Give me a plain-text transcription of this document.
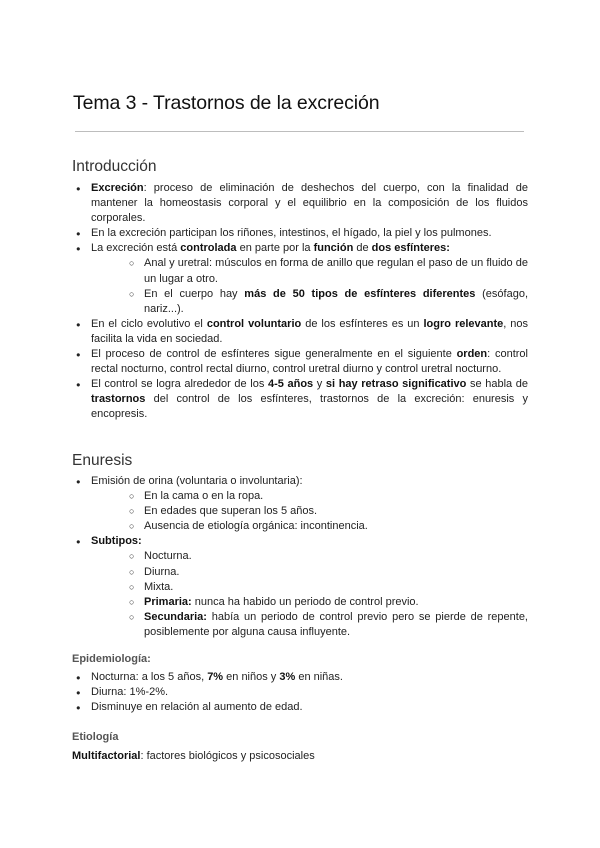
Tema 3 - Trastornos de la excreción
Introducción
● Excreción: proceso de eliminación de deshechos del cuerpo, con la finalidad de mantener la homeostasis corporal y el equilibrio en la composición de los fluidos corporales.
● En la excreción participan los riñones, intestinos, el hígado, la piel y los pulmones.
● La excreción está controlada en parte por la función de dos esfínteres:
○ Anal y uretral: músculos en forma de anillo que regulan el paso de un fluido de un lugar a otro.
○ En el cuerpo hay más de 50 tipos de esfínteres diferentes (esófago, nariz...).
● En el ciclo evolutivo el control voluntario de los esfínteres es un logro relevante, nos facilita la vida en sociedad.
● El proceso de control de esfínteres sigue generalmente en el siguiente orden: control rectal nocturno, control rectal diurno, control uretral diurno y control uretral nocturno.
● El control se logra alrededor de los 4-5 años y si hay retraso significativo se habla de trastornos del control de los esfínteres, trastornos de la excreción: enuresis y encopresis.
Enuresis
● Emisión de orina (voluntaria o involuntaria):
○ En la cama o en la ropa.
○ En edades que superan los 5 años.
○ Ausencia de etiología orgánica: incontinencia.
● Subtipos:
○ Nocturna.
○ Diurna.
○ Mixta.
○ Primaria: nunca ha habido un periodo de control previo.
○ Secundaria: había un periodo de control previo pero se pierde de repente, posiblemente por alguna causa influyente.
Epidemiología:
● Nocturna: a los 5 años, 7% en niños y 3% en niñas.
● Diurna: 1%-2%.
● Disminuye en relación al aumento de edad.
Etiología

Multifactorial: factores biológicos y psicosociales
